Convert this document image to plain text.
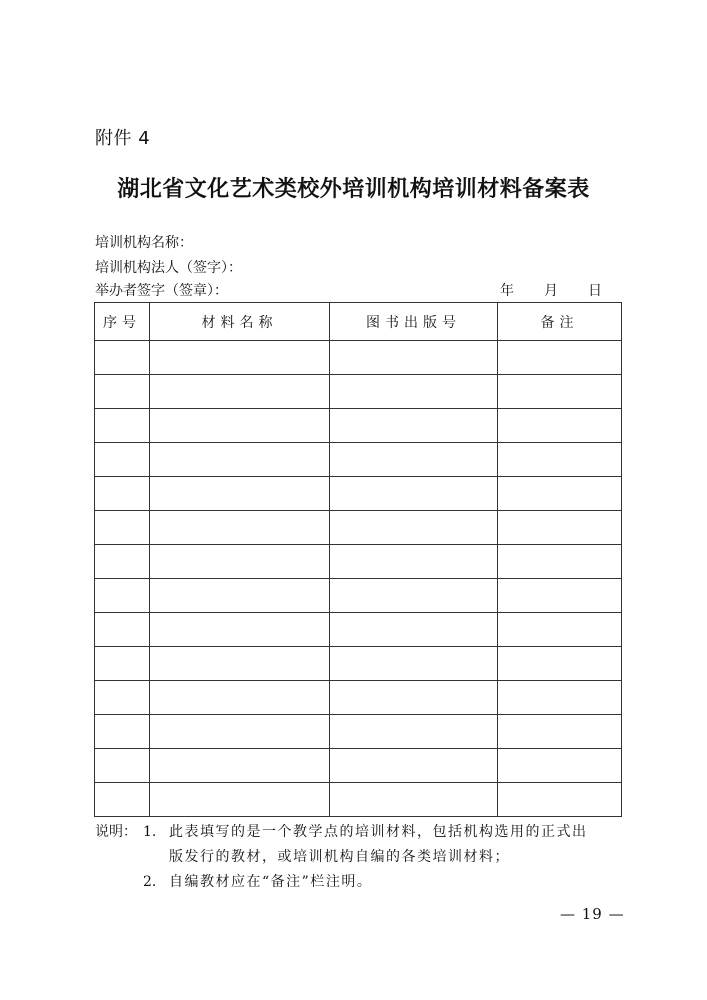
附件 4
湖北省文化艺术类校外培训机构培训材料备案表
培训机构名称：
培训机构法人（签字）：
举办者签字（签章）：	年 月 日
序号	材料名称	图书出版号	备注

说明： 1. 此表填写的是一个教学点的培训材料，包括机构选用的正式出
版发行的教材，或培训机构自编的各类培训材料；
2. 自编教材应在“备注”栏注明。
— 19 —
